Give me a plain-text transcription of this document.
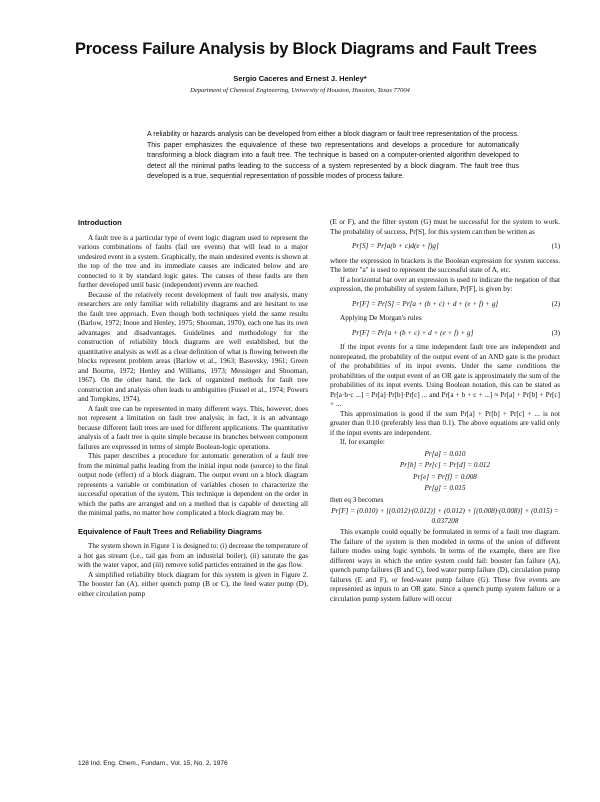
Process Failure Analysis by Block Diagrams and Fault Trees
Sergio Caceres and Ernest J. Henley*
Department of Chemical Engineering, University of Houston, Houston, Texas 77004
A reliability or hazards analysis can be developed from either a block diagram or fault tree representation of the process. This paper emphasizes the equivalence of these two representations and develops a procedure for automatically transforming a block diagram into a fault tree. The technique is based on a computer-oriented algorithm developed to detect all the minimal paths leading to the success of a system represented by a block diagram. The fault tree thus developed is a true, sequential representation of possible modes of process failure.
Introduction

A fault tree is a particular type of event logic diagram used to represent the various combinations of faults (fail ure events) that will lead to a major undesired event in a system. Graphically, the main undesired events is shown at the top of the tree and its immediate causes are indicated below and are connected to it by standard logic gates. The causes of these faults are then further developed until basic (independent) events are reached.

Because of the relatively recent development of fault tree analysis, many researchers are only familiar with reliability diagrams and are hesitant to use the fault tree approach. Even though both techniques yield the same results (Barlow, 1972; Inoue and Henley, 1975; Shooman, 1970), each one has its own advantages and disadvantages. Guidelines and methodology for the construction of reliability block diagrams are well established, but the quantitative analysis as well as a clear definition of what is flowing between the blocks represent problem areas (Barlow et al., 1963; Basovsky, 1961; Green and Bourne, 1972; Henley and Williams, 1973; Messinger and Shooman, 1967). On the other hand, the lack of organized methods for fault tree construction and analysis often leads to ambiguities (Fussel et al., 1974; Powers and Tompkins, 1974).

A fault tree can be represented in many different ways. This, however, does not represent a limitation on fault tree analysis; in fact, it is an advantage because different fault trees are used for different applications. The quantitative analysis of a fault tree is quite simple because its branches between component failures are expressed in terms of simple Boolean-logic operations.

This paper describes a procedure for automatic generation of a fault tree from the minimal paths leading from the initial input node (source) to the final output node (effect) of a block diagram. The output event on a block diagram represents a variable or combination of variables chosen to characterize the successful operation of the system. This technique is dependent on the order in which the paths are arranged and on a method that is capable of detecting all the minimal paths, no matter how complicated a block diagram may be.

Equivalence of Fault Trees and Reliability Diagrams

The system shown in Figure 1 is designed to: (i) decrease the temperature of a hot gas stream (i.e., tail gas from an industrial boiler), (ii) saturate the gas with the water vapor, and (iii) remove solid particles entrained in the gas flow.

A simplified reliability block diagram for this system is given in Figure 2. The booster fan (A), either quench pump (B or C), the feed water pump (D), either circulation pump

(E or F), and the filter system (G) must be successful for the system to work. The probability of success, Pr[S], for this system can then be written as

Pr[S] = Pr[a(b + c)d(e + f)g]	(1)

where the expression in brackets is the Boolean expression for system success. The letter "a" is used to represent the successful state of A, etc.

If a horizontal bar over an expression is used to indicate the negation of that expression, the probability of system failure, Pr[F], is given by:

Pr[F] = Pr[S] = Pr[a + (b + c) + d + (e + f) + g]	(2)

Applying De Morgan's rules

Pr[F] = Pr[a + (b + c) + d + (e + f) + g]	(3)

If the input events for a time independent fault tree are independent and nonrepeated, the probability of the output event of an AND gate is the product of the probabilities of its input events. Under the same conditions the probabilities of the output event of an OR gate is approximately the sum of the probabilities of its input events. Using Boolean notation, this can be stated as Pr[a·b·c ...] = Pr[a]·Pr[b]·Pr[c] ... and Pr[a + b + c + ...] ≈ Pr[a] + Pr[b] + Pr[c] + ...

This approximation is good if the sum Pr[a] + Pr[b] + Pr[c] + ... is not greater than 0.10 (preferably less than 0.1). The above equations are valid only if the input events are independent.

If, for example:

Pr[a] = 0.010
Pr[b] = Pr[c] = Pr[d] = 0.012
Pr[e] = Pr[f] = 0.008
Pr[g] = 0.015

then eq 3 becomes

Pr[F] = (0.010) + [(0.012)·(0.012)] + (0.012) + [(0.008)·(0.008)] + (0.015) = 0.037208

This example could equally be formulated in terms of a fault tree diagram. The failure of the system is then modeled in terms of the union of different failure modes using logic symbols. In terms of the example, there are five different ways in which the entire system could fail: booster fan failure (A), quench pump failures (B and C), feed water pump failure (D), circulation pump failures (E and F), or feed-water pump failure (G). These five events are represented as inputs to an OR gate. Since a quench pump system failure or a circulation pump system failure will occur

128 Ind. Eng. Chem., Fundam., Vol. 15, No. 2, 1976
